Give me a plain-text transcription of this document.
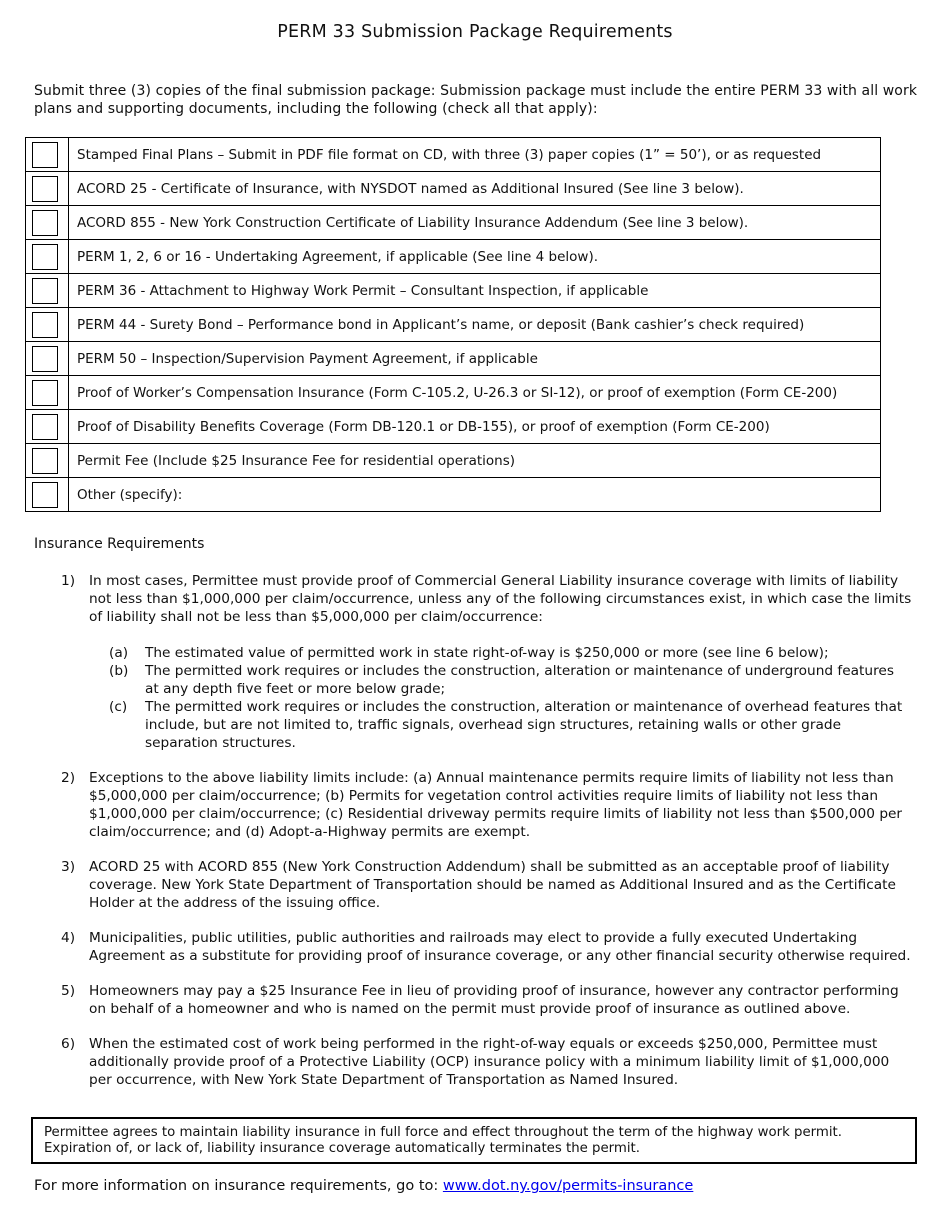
PERM 33 Submission Package Requirements
Submit three (3) copies of the final submission package: Submission package must include the entire PERM 33 with all work plans and supporting documents, including the following (check all that apply):
	Stamped Final Plans – Submit in PDF file format on CD, with three (3) paper copies (1” = 50’), or as requested

	ACORD 25 - Certificate of Insurance, with NYSDOT named as Additional Insured (See line 3 below).

	ACORD 855 - New York Construction Certificate of Liability Insurance Addendum (See line 3 below).

	PERM 1, 2, 6 or 16 - Undertaking Agreement, if applicable (See line 4 below).

	PERM 36 - Attachment to Highway Work Permit – Consultant Inspection, if applicable

	PERM 44 - Surety Bond – Performance bond in Applicant’s name, or deposit (Bank cashier’s check required)

	PERM 50 – Inspection/Supervision Payment Agreement, if applicable

	Proof of Worker’s Compensation Insurance (Form C-105.2, U-26.3 or SI-12), or proof of exemption (Form CE-200)

	Proof of Disability Benefits Coverage (Form DB-120.1 or DB-155), or proof of exemption (Form CE-200)

	Permit Fee (Include $25 Insurance Fee for residential operations)

	Other (specify):
Insurance Requirements
1) In most cases, Permittee must provide proof of Commercial General Liability insurance coverage with limits of liability not less than $1,000,000 per claim/occurrence, unless any of the following circumstances exist, in which case the limits of liability shall not be less than $5,000,000 per claim/occurrence:
(a) The estimated value of permitted work in state right-of-way is $250,000 or more (see line 6 below);
(b) The permitted work requires or includes the construction, alteration or maintenance of underground features at any depth five feet or more below grade;
(c) The permitted work requires or includes the construction, alteration or maintenance of overhead features that include, but are not limited to, traffic signals, overhead sign structures, retaining walls or other grade separation structures.
2) Exceptions to the above liability limits include: (a) Annual maintenance permits require limits of liability not less than $5,000,000 per claim/occurrence; (b) Permits for vegetation control activities require limits of liability not less than $1,000,000 per claim/occurrence; (c) Residential driveway permits require limits of liability not less than $500,000 per claim/occurrence; and (d) Adopt-a-Highway permits are exempt.
3) ACORD 25 with ACORD 855 (New York Construction Addendum) shall be submitted as an acceptable proof of liability coverage. New York State Department of Transportation should be named as Additional Insured and as the Certificate Holder at the address of the issuing office.
4) Municipalities, public utilities, public authorities and railroads may elect to provide a fully executed Undertaking Agreement as a substitute for providing proof of insurance coverage, or any other financial security otherwise required.
5) Homeowners may pay a $25 Insurance Fee in lieu of providing proof of insurance, however any contractor performing on behalf of a homeowner and who is named on the permit must provide proof of insurance as outlined above.
6) When the estimated cost of work being performed in the right-of-way equals or exceeds $250,000, Permittee must additionally provide proof of a Protective Liability (OCP) insurance policy with a minimum liability limit of $1,000,000 per occurrence, with New York State Department of Transportation as Named Insured.
Permittee agrees to maintain liability insurance in full force and effect throughout the term of the highway work permit.
Expiration of, or lack of, liability insurance coverage automatically terminates the permit.
For more information on insurance requirements, go to: www.dot.ny.gov/permits-insurance
